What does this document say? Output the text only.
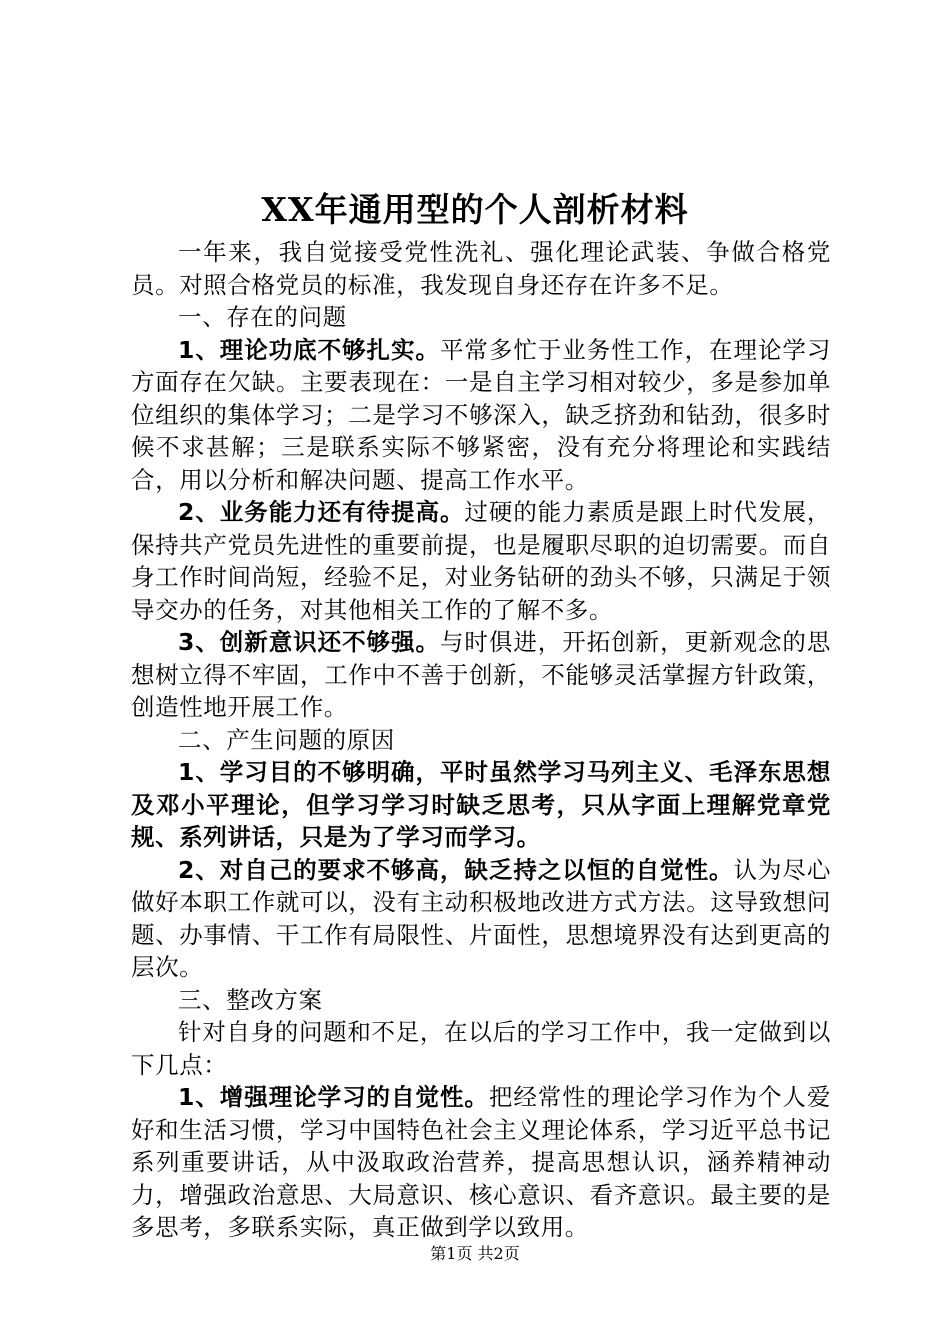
XX年通用型的个人剖析材料

一年来，我自觉接受党性洗礼、强化理论武装、争做合格党员。对照合格党员的标准，我发现自身还存在许多不足。

一、存在的问题

1、理论功底不够扎实。平常多忙于业务性工作，在理论学习方面存在欠缺。主要表现在：一是自主学习相对较少，多是参加单位组织的集体学习；二是学习不够深入，缺乏挤劲和钻劲，很多时候不求甚解；三是联系实际不够紧密，没有充分将理论和实践结合，用以分析和解决问题、提高工作水平。

2、业务能力还有待提高。过硬的能力素质是跟上时代发展，保持共产党员先进性的重要前提，也是履职尽职的迫切需要。而自身工作时间尚短，经验不足，对业务钻研的劲头不够，只满足于领导交办的任务，对其他相关工作的了解不多。

3、创新意识还不够强。与时俱进，开拓创新，更新观念的思想树立得不牢固，工作中不善于创新，不能够灵活掌握方针政策，创造性地开展工作。

二、产生问题的原因

1、学习目的不够明确，平时虽然学习马列主义、毛泽东思想及邓小平理论，但学习学习时缺乏思考，只从字面上理解党章党规、系列讲话，只是为了学习而学习。

2、对自己的要求不够高，缺乏持之以恒的自觉性。认为尽心做好本职工作就可以，没有主动积极地改进方式方法。这导致想问题、办事情、干工作有局限性、片面性，思想境界没有达到更高的层次。

三、整改方案

针对自身的问题和不足，在以后的学习工作中，我一定做到以下几点：

1、增强理论学习的自觉性。把经常性的理论学习作为个人爱好和生活习惯，学习中国特色社会主义理论体系，学习近平总书记系列重要讲话，从中汲取政治营养，提高思想认识，涵养精神动力，增强政治意思、大局意识、核心意识、看齐意识。最主要的是多思考，多联系实际，真正做到学以致用。

第1页 共2页
